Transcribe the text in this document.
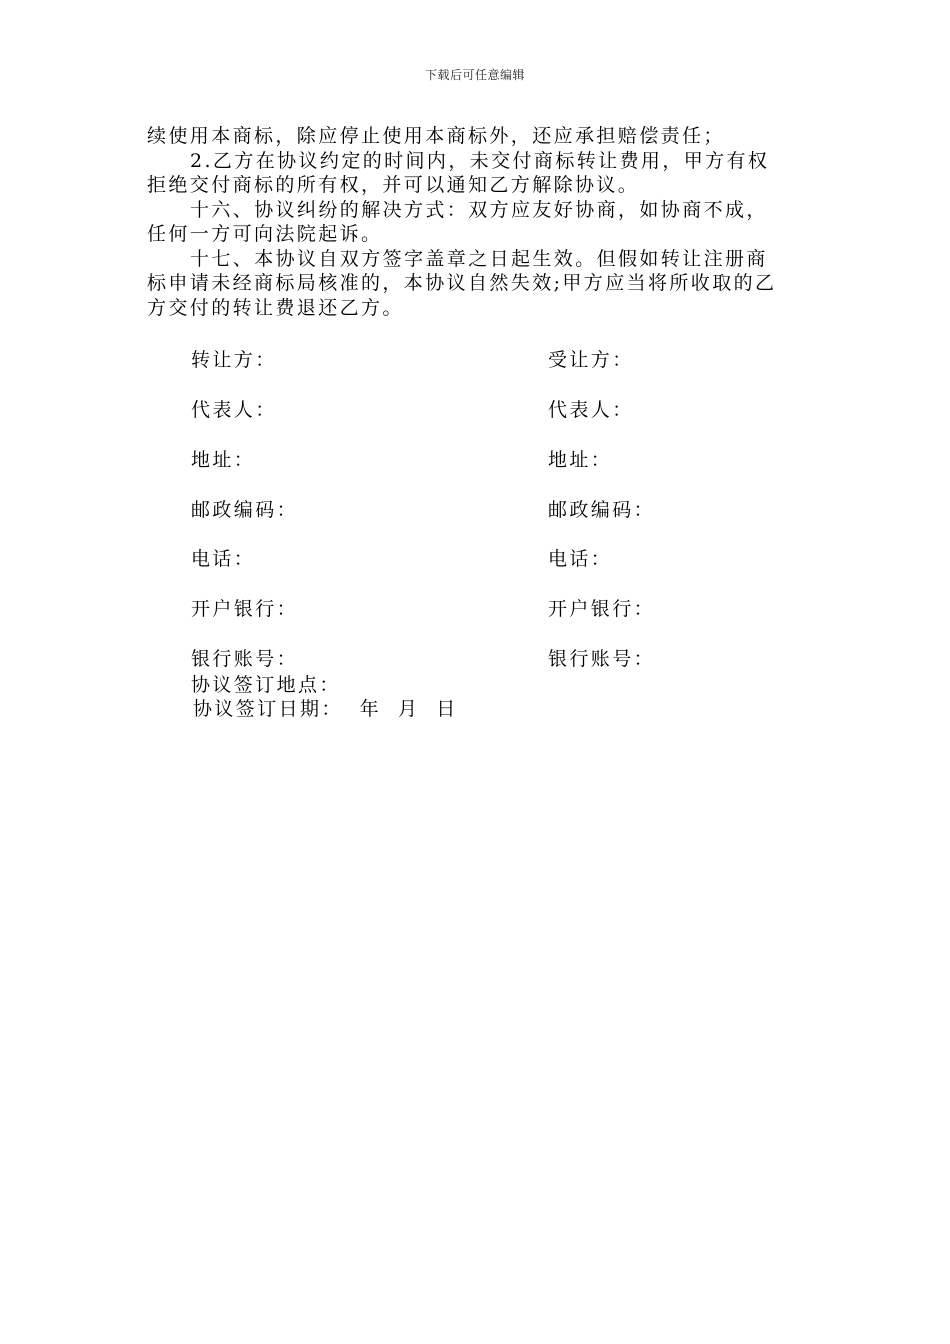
下载后可任意编辑

续使用本商标，除应停止使用本商标外，还应承担赔偿责任；

2.乙方在协议约定的时间内，未交付商标转让费用，甲方有权

拒绝交付商标的所有权，并可以通知乙方解除协议。

十六、协议纠纷的解决方式：双方应友好协商，如协商不成，

任何一方可向法院起诉。

十七、本协议自双方签字盖章之日起生效。但假如转让注册商

标申请未经商标局核准的，本协议自然失效;甲方应当将所收取的乙

方交付的转让费退还乙方。

转让方：	受让方：
代表人：	代表人：
地址：	地址：
邮政编码：	邮政编码：
电话：	电话：
开户银行：	开户银行：
银行账号：	银行账号：
协议签订地点：
协议签订日期：  年  月  日
